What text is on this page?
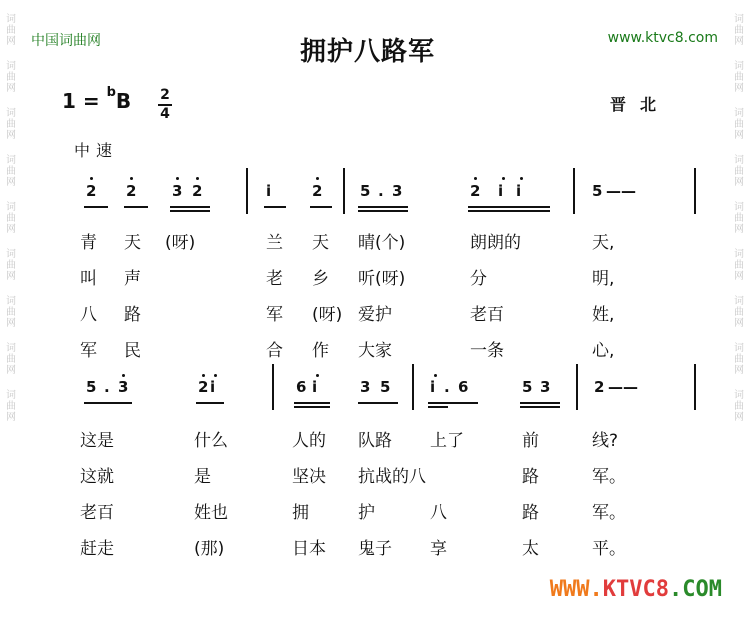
词
曲
网
词
曲
网
词
曲
网
词
曲
网
词
曲
网
词
曲
网
词
曲
网
词
曲
网
词
曲
网
词
曲
网
词
曲
网
词
曲
网
词
曲
网
词
曲
网
词
曲
网
词
曲
网
词
曲
网
词
曲
网
中国词曲网	www.ktvc8.com
拥护八路军
1 = $^b$B 2
4	晋北
中速
2 2 3 2	i	2	5 . 3	2 i i	5 ——
青 天 (呀)	兰 天 晴(个)	朗朗的	天,
叫 声	老 乡 听(呀)	分	明,
八 路	军 (呀) 爱护	老百	姓,
军 民	合 作 大家	一条	心,
5 . 3	2 i	6 i	3 5	i . 6	5 3	2 ——
这是	什么	人的 队路 上了	前	线?
这就	是	坚决 抗战的八	路	军。
老百	姓也	拥	护	八	路	军。
赶走	(那)	日本 鬼子 享	太	平。
WWW.KTVC8.COM
